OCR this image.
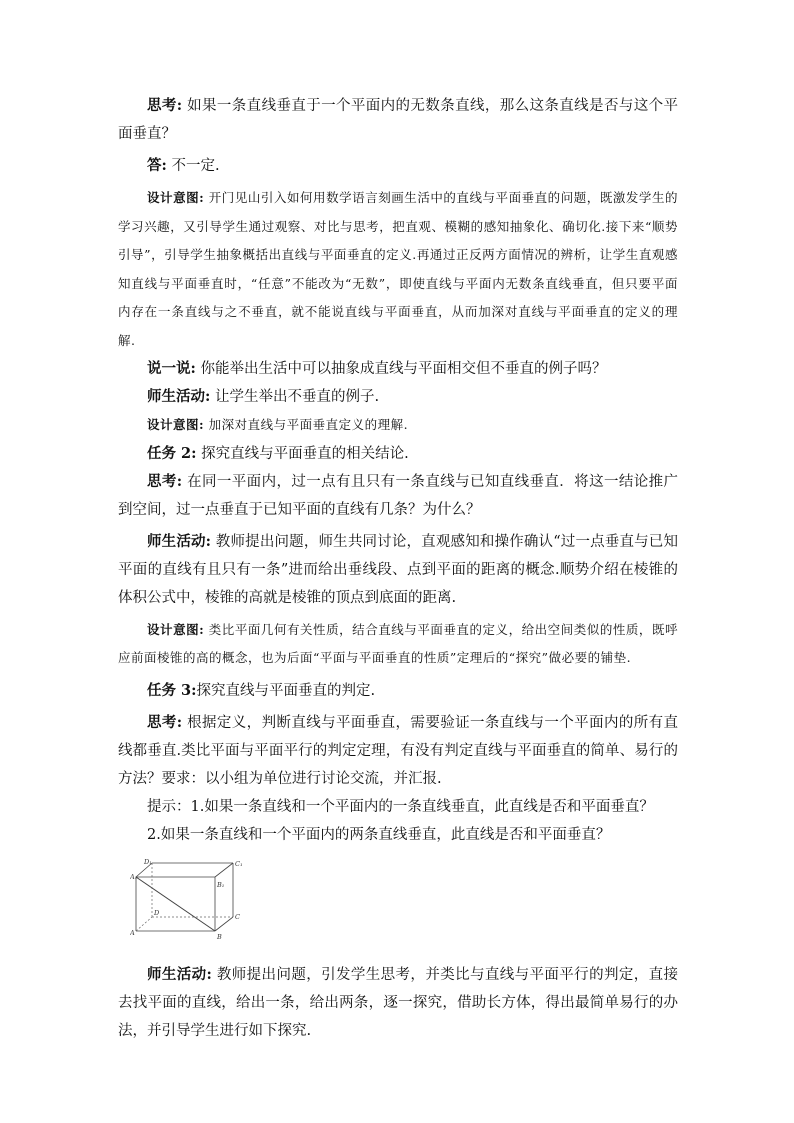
思考: 如果一条直线垂直于一个平面内的无数条直线，那么这条直线是否与这个平面垂直？

答: 不一定.

设计意图: 开门见山引入如何用数学语言刻画生活中的直线与平面垂直的问题，既激发学生的学习兴趣，又引导学生通过观察、对比与思考，把直观、模糊的感知抽象化、确切化.接下来“顺势引导”，引导学生抽象概括出直线与平面垂直的定义.再通过正反两方面情况的辨析，让学生直观感知直线与平面垂直时，“任意”不能改为“无数”，即使直线与平面内无数条直线垂直，但只要平面内存在一条直线与之不垂直，就不能说直线与平面垂直，从而加深对直线与平面垂直的定义的理解.

说一说: 你能举出生活中可以抽象成直线与平面相交但不垂直的例子吗？

师生活动: 让学生举出不垂直的例子.

设计意图: 加深对直线与平面垂直定义的理解.

任务 2: 探究直线与平面垂直的相关结论.

思考: 在同一平面内，过一点有且只有一条直线与已知直线垂直．将这一结论推广到空间，过一点垂直于已知平面的直线有几条？为什么？

师生活动: 教师提出问题，师生共同讨论，直观感知和操作确认“过一点垂直与已知平面的直线有且只有一条”进而给出垂线段、点到平面的距离的概念.顺势介绍在棱锥的体积公式中，棱锥的高就是棱锥的顶点到底面的距离.

设计意图: 类比平面几何有关性质，结合直线与平面垂直的定义，给出空间类似的性质，既呼应前面棱锥的高的概念，也为后面“平面与平面垂直的性质”定理后的“探究”做必要的铺垫.

任务 3:探究直线与平面垂直的判定.

思考: 根据定义，判断直线与平面垂直，需要验证一条直线与一个平面内的所有直线都垂直.类比平面与平面平行的判定定理，有没有判定直线与平面垂直的简单、易行的方法？要求：以小组为单位进行讨论交流，并汇报.

提示：1.如果一条直线和一个平面内的一条直线垂直，此直线是否和平面垂直？

2.如果一条直线和一个平面内的两条直线垂直，此直线是否和平面垂直？

D₁	C₁
A₁
B₁
D	C
A	B

师生活动: 教师提出问题，引发学生思考，并类比与直线与平面平行的判定，直接去找平面的直线，给出一条，给出两条，逐一探究，借助长方体，得出最简单易行的办法，并引导学生进行如下探究.
